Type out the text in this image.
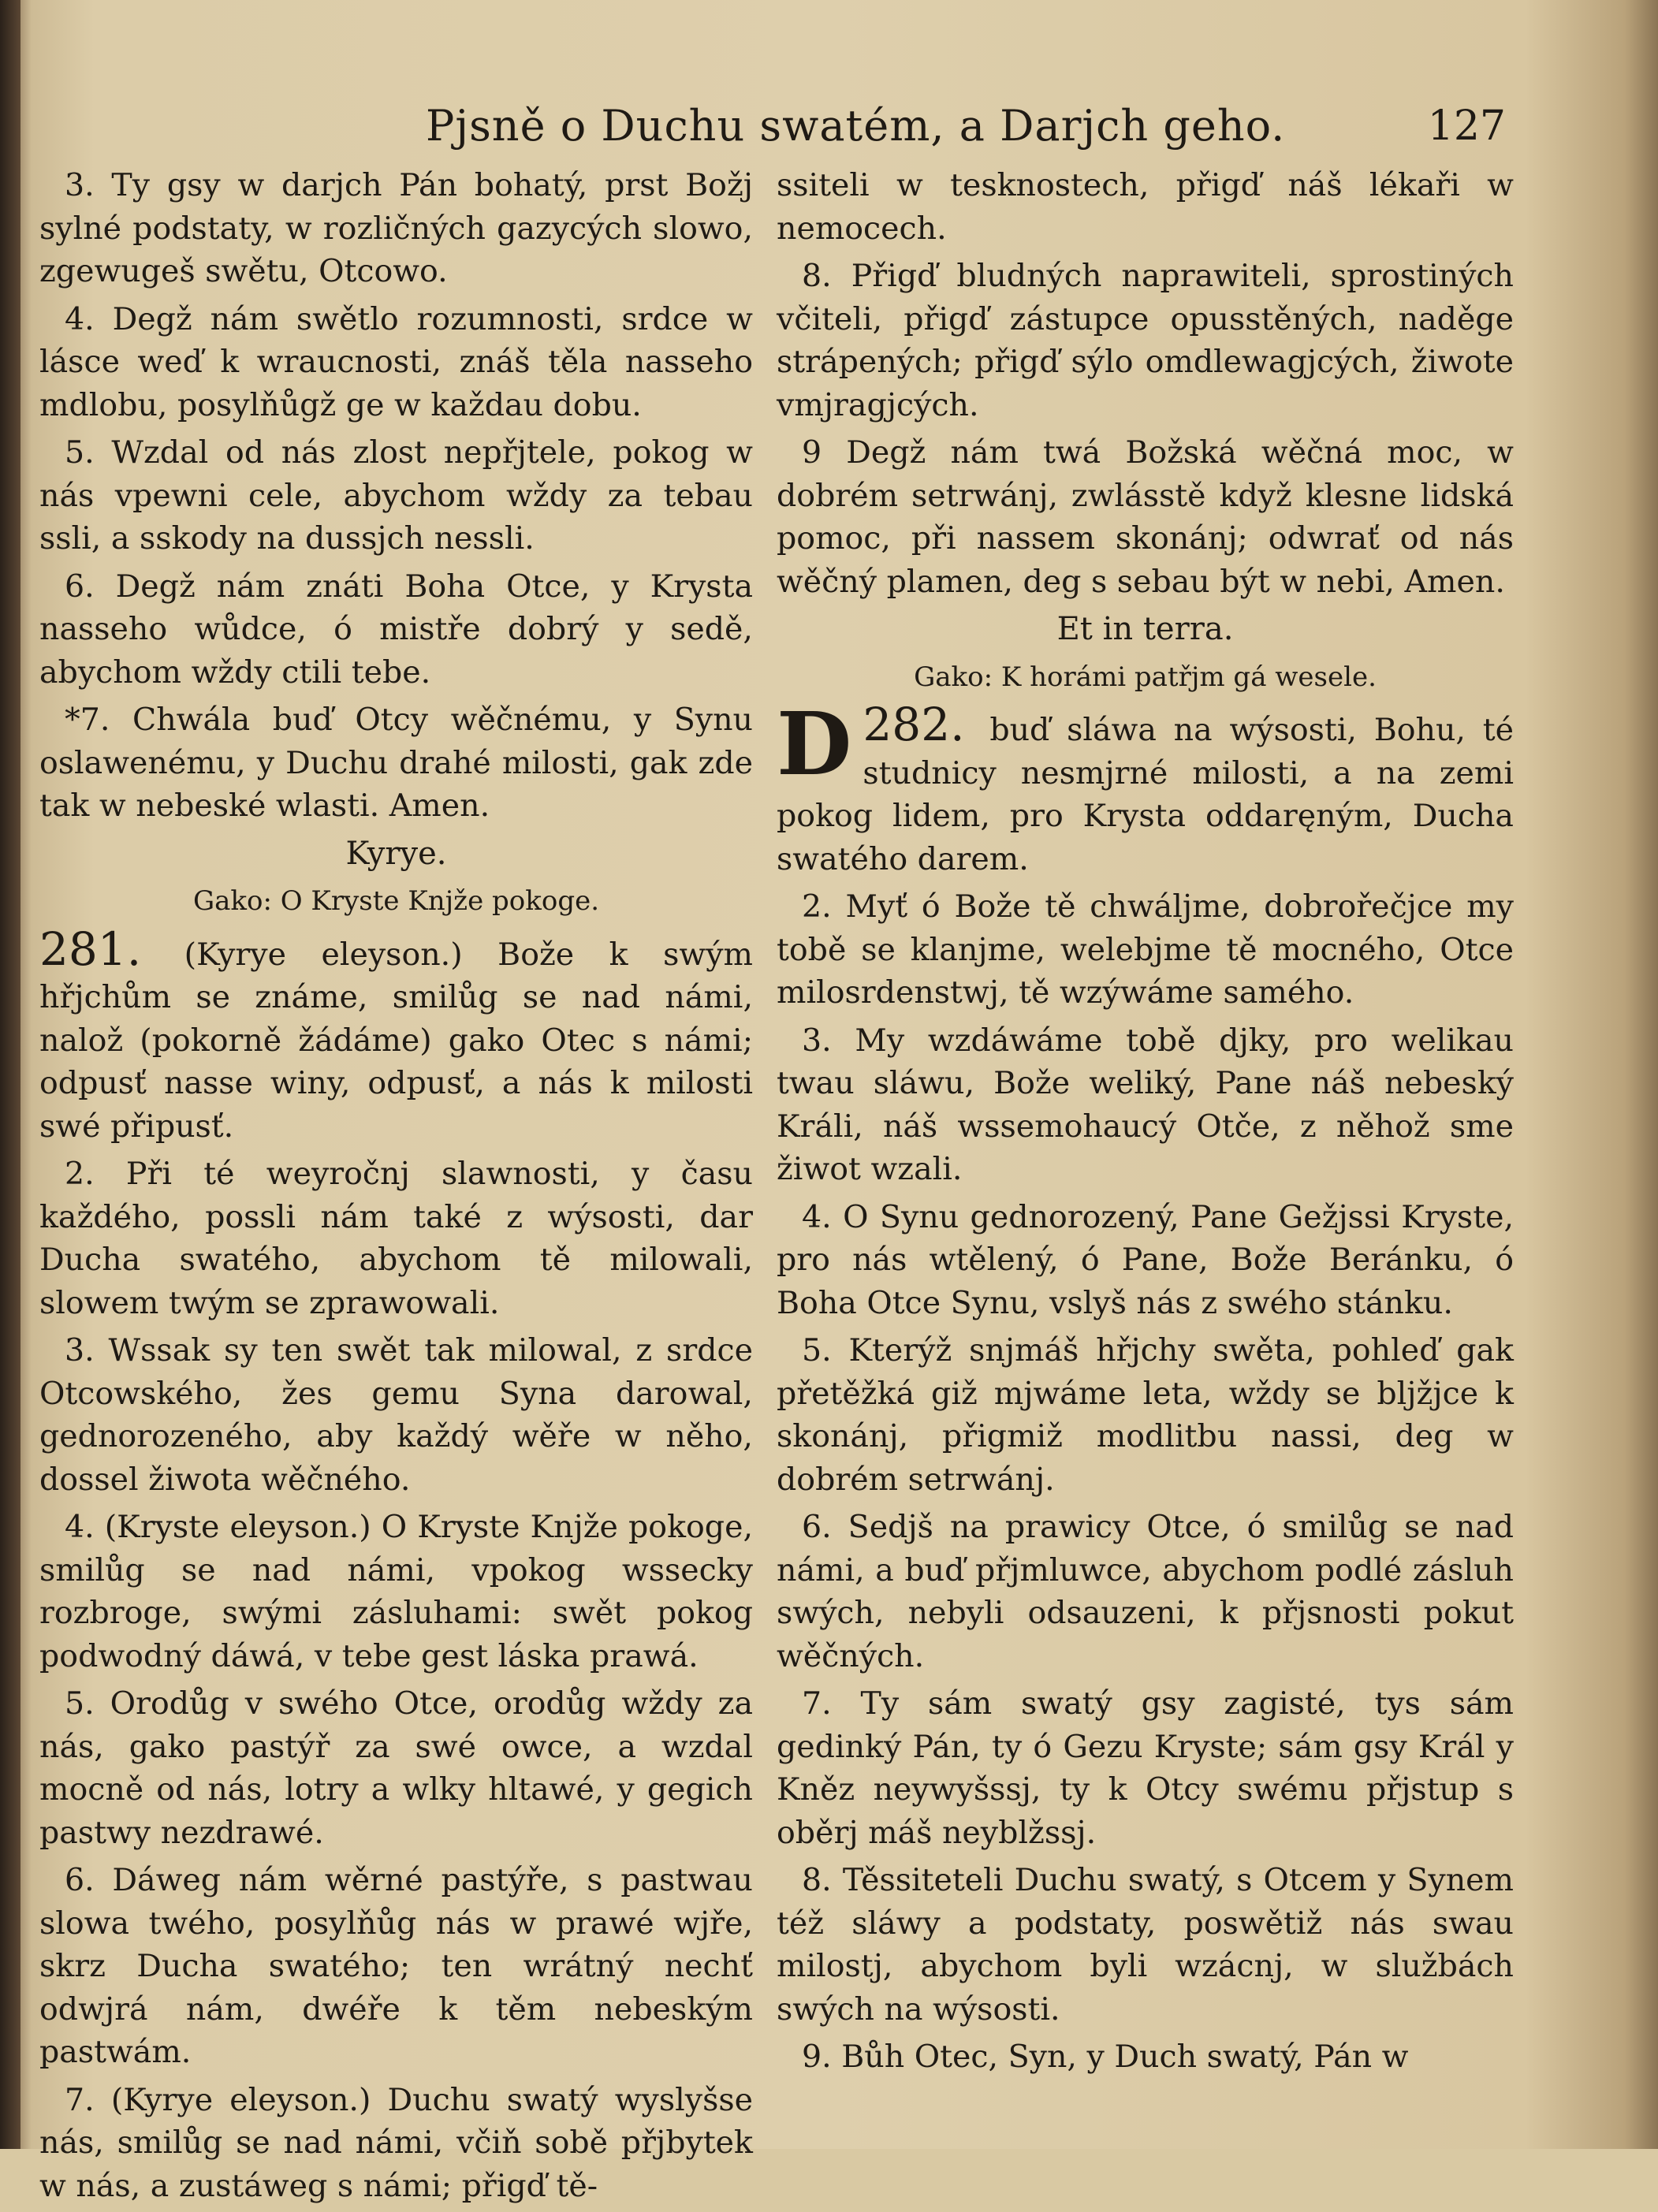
Pjsně o Duchu swatém, a Darjch geho.	127

3. Ty gsy w darjch Pán bohatý, prst Božj sylné podstaty, w rozličných gazycých slowo, zgewugeš swětu, Otcowo.

4. Degž nám swětlo rozumnosti, srdce w lásce weď k wraucnosti, znáš těla nasseho mdlobu, posylňůgž ge w každau dobu.

5. Wzdal od nás zlost nepřjtele, pokog w nás vpewni cele, abychom wždy za tebau ssli, a sskody na dussjch nessli.

6. Degž nám znáti Boha Otce, y Krysta nasseho wůdce, ó mistře dobrý y sedě, abychom wždy ctili tebe.

*7. Chwála buď Otcy wěčnému, y Synu oslawenému, y Duchu drahé milosti, gak zde tak w nebeské wlasti. Amen.

Kyrye.

Gako: O Kryste Knjže pokoge.

281. (Kyrye eleyson.) Bože k swým hřjchům se známe, smilůg se nad námi, nalož (pokorně žádáme) gako Otec s námi; odpusť nasse winy, odpusť, a nás k milosti swé připusť.

2. Při té weyročnj slawnosti, y času každého, possli nám také z wýsosti, dar Ducha swatého, abychom tě milowali, slowem twým se zprawowali.

3. Wssak sy ten swět tak milowal, z srdce Otcowského, žes gemu Syna darowal, gednorozeného, aby každý wěře w něho, dossel žiwota wěčného.

4. (Kryste eleyson.) O Kryste Knjže pokoge, smilůg se nad námi, vpokog wssecky rozbroge, swými zásluhami: swět pokog podwodný dáwá, v tebe gest láska prawá.

5. Orodůg v swého Otce, orodůg wždy za nás, gako pastýř za swé owce, a wzdal mocně od nás, lotry a wlky hltawé, y gegich pastwy nezdrawé.

6. Dáweg nám wěrné pastýře, s pastwau slowa twého, posylňůg nás w prawé wjře, skrz Ducha swatého; ten wrátný nechť odwjrá nám, dwéře k těm nebeským pastwám.

7. (Kyrye eleyson.) Duchu swatý wyslyšse nás, smilůg se nad námi, včiň sobě přjbytek w nás, a zustáweg s námi; přigď tě-

ssiteli w tesknostech, přigď náš lékaři w nemocech.

8. Přigď bludných naprawiteli, sprostiných včiteli, přigď zástupce opusstěných, naděge strápených; přigď sýlo omdlewagjcých, žiwote vmjragjcých.

9 Degž nám twá Božská wěčná moc, w dobrém setrwánj, zwlásstě když klesne lidská pomoc, při nassem skonánj; odwrať od nás wěčný plamen, deg s sebau být w nebi, Amen.

Et in terra.

Gako: K horámi patřjm gá wesele.

282.
D	buď sláwa na wýsosti, Bohu, té studnicy nesmjrné milosti, a na zemi pokog lidem, pro Krysta oddaręným, Ducha swatého darem.

2. Myť ó Bože tě chwáljme, dobrořečjce my tobě se klanjme, welebjme tě mocného, Otce milosrdenstwj, tě wzýwáme samého.

3. My wzdáwáme tobě djky, pro welikau twau sláwu, Bože weliký, Pane náš nebeský Králi, náš wssemohaucý Otče, z něhož sme žiwot wzali.

4. O Synu gednorozený, Pane Gežjssi Kryste, pro nás wtělený, ó Pane, Bože Beránku, ó Boha Otce Synu, vslyš nás z swého stánku.

5. Kterýž snjmáš hřjchy swěta, pohleď gak přetěžká giž mjwáme leta, wždy se bljžjce k skonánj, přigmiž modlitbu nassi, deg w dobrém setrwánj.

6. Sedjš na prawicy Otce, ó smilůg se nad námi, a buď přjmluwce, abychom podlé zásluh swých, nebyli odsauzeni, k přjsnosti pokut wěčných.

7. Ty sám swatý gsy zagisté, tys sám gedinký Pán, ty ó Gezu Kryste; sám gsy Král y Kněz neywyšssj, ty k Otcy swému přjstup s oběrj máš neyblžssj.

8. Těssiteteli Duchu swatý, s Otcem y Synem též sláwy a podstaty, poswětiž nás swau milostj, abychom byli wzácnj, w službách swých na wýsosti.

9. Bůh Otec, Syn, y Duch swatý, Pán w
